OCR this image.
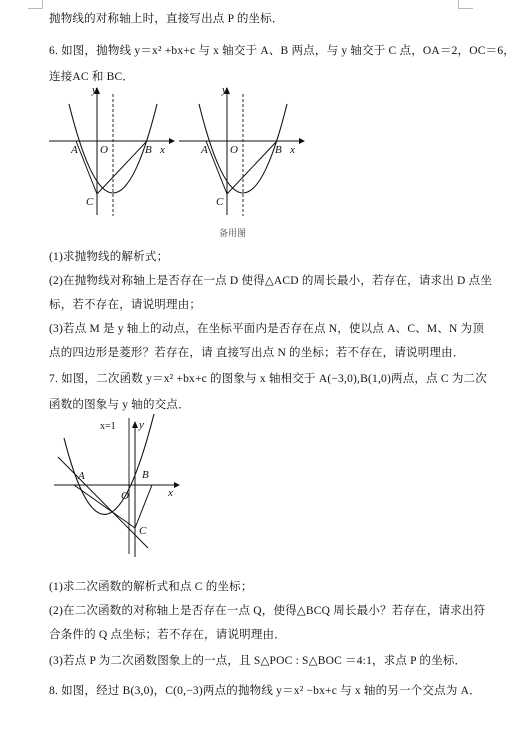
抛物线的对称轴上时，直接写出点 P 的坐标．
6. 如图，抛物线 y＝x² +bx+c 与 x 轴交于 A、B 两点，与 y 轴交于 C 点，OA＝2，OC＝6，
连接AC 和 BC．
y
x
A O	B
C
y
x
A O	B
C
备用图
(1)求抛物线的解析式；
(2)在抛物线对称轴上是否存在一点 D 使得△ACD 的周长最小，若存在，请求出 D 点坐
标，若不存在，请说明理由；
(3)若点 M 是 y 轴上的动点，在坐标平面内是否存在点 N，使以点 A、C、M、N 为顶
点的四边形是菱形？若存在，请 直接写出点 N 的坐标；若不存在，请说明理由．
7. 如图，二次函数 y＝x² +bx+c 的图象与 x 轴相交于 A(−3,0),B(1,0)两点，点 C 为二次
函数的图象与 y 轴的交点．
x=1 y
x
A
O
B
C
(1)求二次函数的解析式和点 C 的坐标；
(2)在二次函数的对称轴上是否存在一点 Q，使得△BCQ 周长最小？若存在，请求出符
合条件的 Q 点坐标；若不存在，请说明理由．
(3)若点 P 为二次函数图象上的一点，且 S△POC : S△BOC ＝4:1，求点 P 的坐标．
8. 如图，经过 B(3,0)，C(0,−3)两点的抛物线 y＝x² −bx+c 与 x 轴的另一个交点为 A．
